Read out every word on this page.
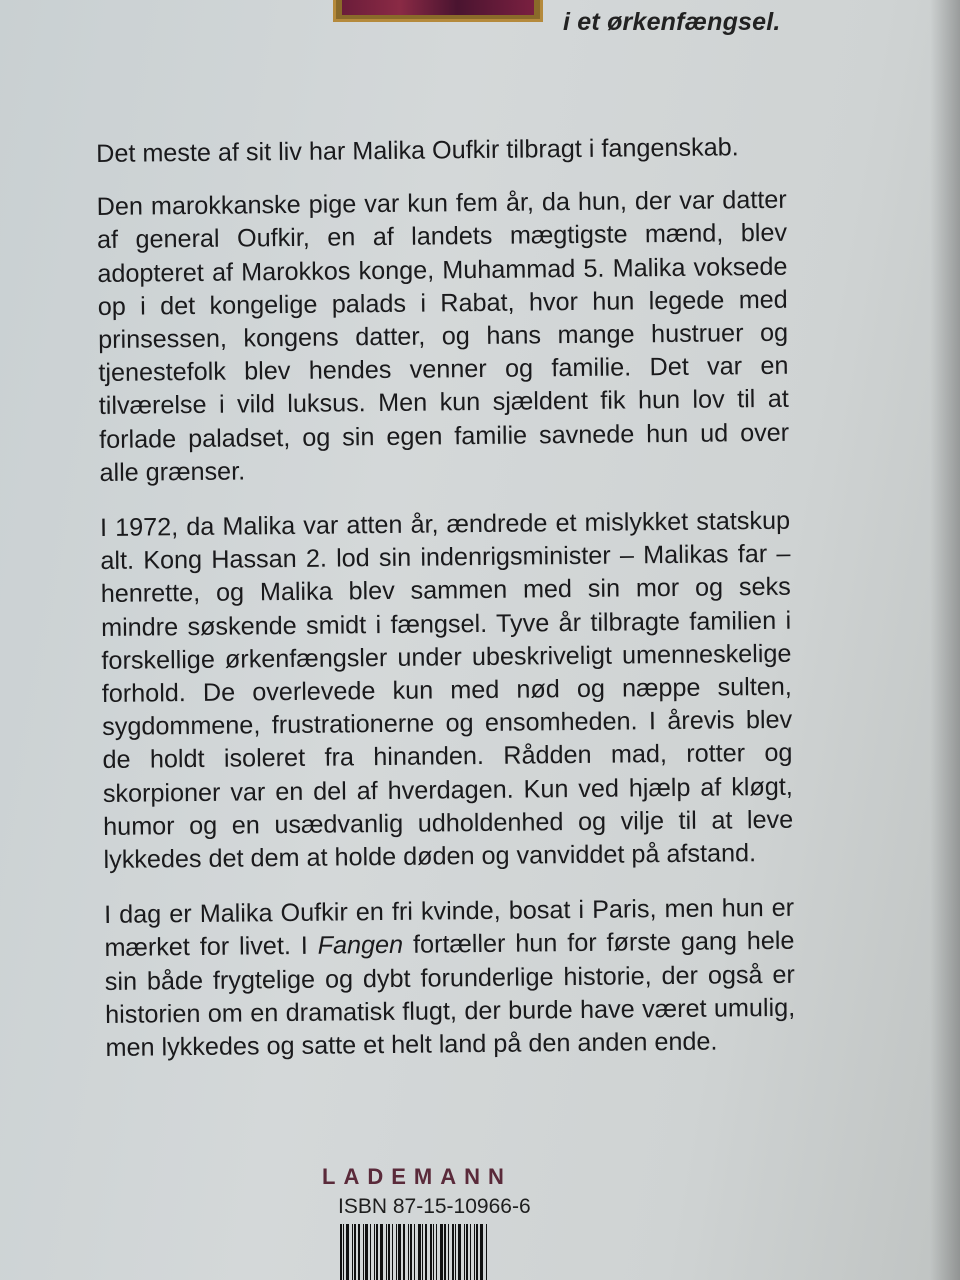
i et ørkenfængsel.

Det meste af sit liv har Malika Oufkir tilbragt i fangenskab.

Den marokkanske pige var kun fem år, da hun, der var datter af general Oufkir, en af landets mægtigste mænd, blev adopteret af Marokkos konge, Muhammad 5. Malika voksede op i det kongelige palads i Rabat, hvor hun legede med prinsessen, kongens datter, og hans mange hustruer og tjenestefolk blev hendes venner og familie. Det var en tilværelse i vild luksus. Men kun sjældent fik hun lov til at forlade paladset, og sin egen familie savnede hun ud over alle grænser.

I 1972, da Malika var atten år, ændrede et mislykket statskup alt. Kong Hassan 2. lod sin indenrigsminister – Malikas far – henrette, og Malika blev sammen med sin mor og seks mindre søskende smidt i fængsel. Tyve år tilbragte familien i forskellige ørkenfængsler under ubeskriveligt umenneskelige forhold. De overlevede kun med nød og næppe sulten, sygdommene, frustrationerne og ensomheden. I årevis blev de holdt isoleret fra hinanden. Rådden mad, rotter og skorpioner var en del af hverdagen. Kun ved hjælp af kløgt, humor og en usædvanlig udholdenhed og vilje til at leve lykkedes det dem at holde døden og vanviddet på afstand.

I dag er Malika Oufkir en fri kvinde, bosat i Paris, men hun er mærket for livet. I Fangen fortæller hun for første gang hele sin både frygtelige og dybt forunderlige historie, der også er historien om en dramatisk flugt, der burde have været umulig, men lykkedes og satte et helt land på den anden ende.

LADEMANN
ISBN 87-15-10966-6
